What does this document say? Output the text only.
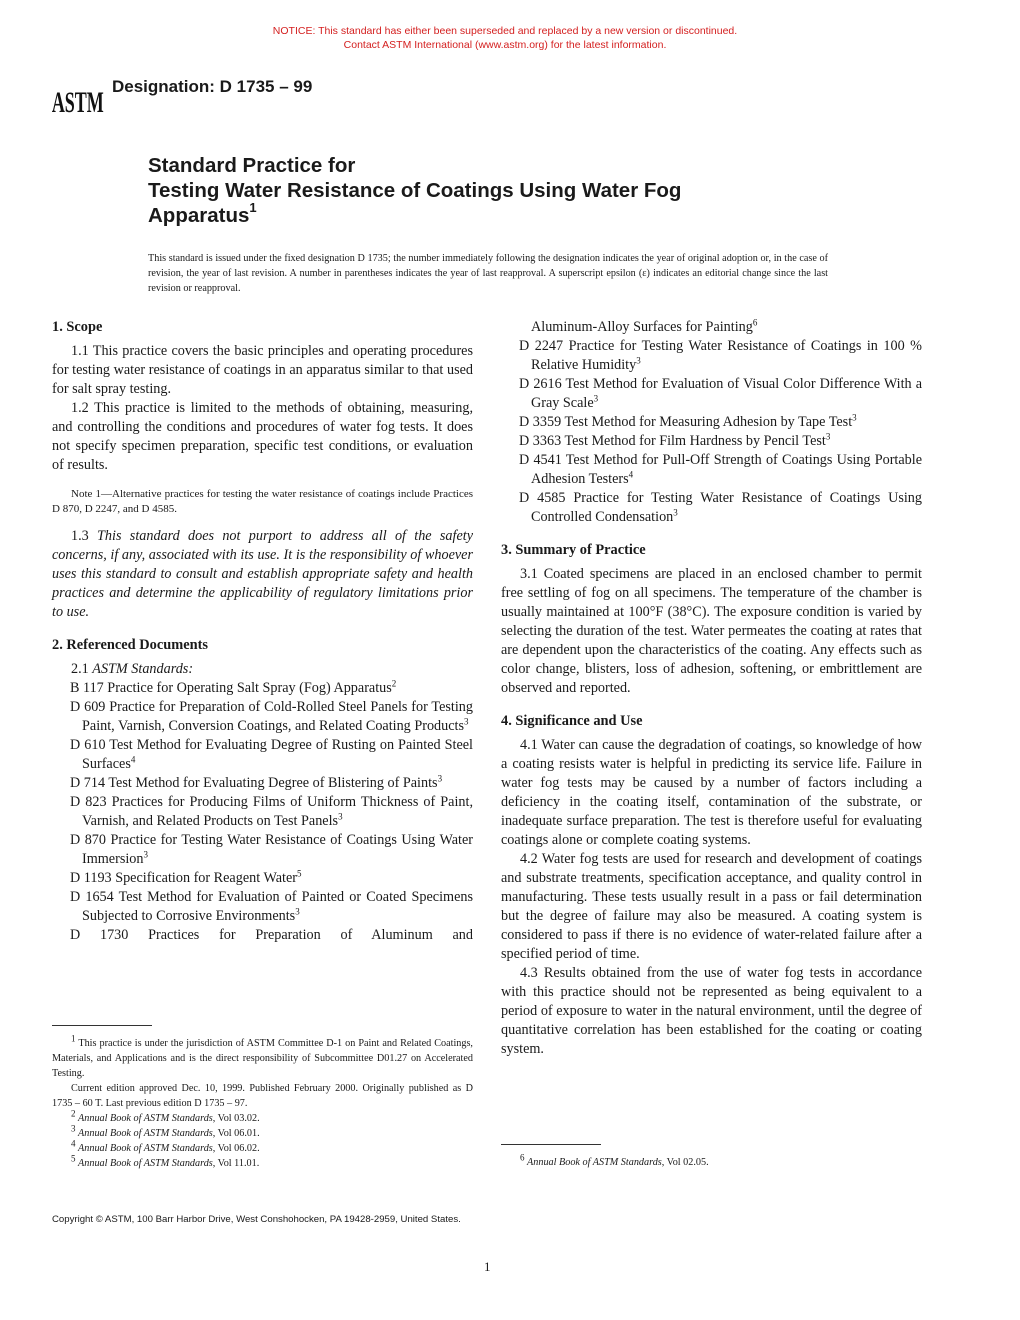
NOTICE: This standard has either been superseded and replaced by a new version or discontinued.
Contact ASTM International (www.astm.org) for the latest information.
ASTM
Designation: D 1735 – 99
Standard Practice for
Testing Water Resistance of Coatings Using Water Fog
Apparatus$^1$
This standard is issued under the fixed designation D 1735; the number immediately following the designation indicates the year of original adoption or, in the case of revision, the year of last revision. A number in parentheses indicates the year of last reapproval. A superscript epsilon (ε) indicates an editorial change since the last revision or reapproval.

1. Scope

1.1 This practice covers the basic principles and operating procedures for testing water resistance of coatings in an apparatus similar to that used for salt spray testing.

1.2 This practice is limited to the methods of obtaining, measuring, and controlling the conditions and procedures of water fog tests. It does not specify specimen preparation, specific test conditions, or evaluation of results.

Note 1—Alternative practices for testing the water resistance of coatings include Practices D 870, D 2247, and D 4585.

1.3 This standard does not purport to address all of the safety concerns, if any, associated with its use. It is the responsibility of whoever uses this standard to consult and establish appropriate safety and health practices and determine the applicability of regulatory limitations prior to use.

2. Referenced Documents

2.1 ASTM Standards:

B 117 Practice for Operating Salt Spray (Fog) Apparatus$^2$

D 609 Practice for Preparation of Cold-Rolled Steel Panels for Testing Paint, Varnish, Conversion Coatings, and Related Coating Products$^3$

D 610 Test Method for Evaluating Degree of Rusting on Painted Steel Surfaces$^4$

D 714 Test Method for Evaluating Degree of Blistering of Paints$^3$

D 823 Practices for Producing Films of Uniform Thickness of Paint, Varnish, and Related Products on Test Panels$^3$

D 870 Practice for Testing Water Resistance of Coatings Using Water Immersion$^3$

D 1193 Specification for Reagent Water$^5$

D 1654 Test Method for Evaluation of Painted or Coated Specimens Subjected to Corrosive Environments$^3$

D 1730 Practices for Preparation of Aluminum and

$^1$ This practice is under the jurisdiction of ASTM Committee D-1 on Paint and Related Coatings, Materials, and Applications and is the direct responsibility of Subcommittee D01.27 on Accelerated Testing.

Current edition approved Dec. 10, 1999. Published February 2000. Originally published as D 1735 – 60 T. Last previous edition D 1735 – 97.

$^2$ Annual Book of ASTM Standards, Vol 03.02.

$^3$ Annual Book of ASTM Standards, Vol 06.01.

$^4$ Annual Book of ASTM Standards, Vol 06.02.

$^5$ Annual Book of ASTM Standards, Vol 11.01.

Aluminum-Alloy Surfaces for Painting$^6$

D 2247 Practice for Testing Water Resistance of Coatings in 100 % Relative Humidity$^3$

D 2616 Test Method for Evaluation of Visual Color Difference With a Gray Scale$^3$

D 3359 Test Method for Measuring Adhesion by Tape Test$^3$

D 3363 Test Method for Film Hardness by Pencil Test$^3$

D 4541 Test Method for Pull-Off Strength of Coatings Using Portable Adhesion Testers$^4$

D 4585 Practice for Testing Water Resistance of Coatings Using Controlled Condensation$^3$

3. Summary of Practice

3.1 Coated specimens are placed in an enclosed chamber to permit free settling of fog on all specimens. The temperature of the chamber is usually maintained at 100°F (38°C). The exposure condition is varied by selecting the duration of the test. Water permeates the coating at rates that are dependent upon the characteristics of the coating. Any effects such as color change, blisters, loss of adhesion, softening, or embrittlement are observed and reported.

4. Significance and Use

4.1 Water can cause the degradation of coatings, so knowledge of how a coating resists water is helpful in predicting its service life. Failure in water fog tests may be caused by a number of factors including a deficiency in the coating itself, contamination of the substrate, or inadequate surface preparation. The test is therefore useful for evaluating coatings alone or complete coating systems.

4.2 Water fog tests are used for research and development of coatings and substrate treatments, specification acceptance, and quality control in manufacturing. These tests usually result in a pass or fail determination but the degree of failure may also be measured. A coating system is considered to pass if there is no evidence of water-related failure after a specified period of time.

4.3 Results obtained from the use of water fog tests in accordance with this practice should not be represented as being equivalent to a period of exposure to water in the natural environment, until the degree of quantitative correlation has been established for the coating or coating system.

$^6$ Annual Book of ASTM Standards, Vol 02.05.

Copyright © ASTM, 100 Barr Harbor Drive, West Conshohocken, PA 19428-2959, United States.
1
